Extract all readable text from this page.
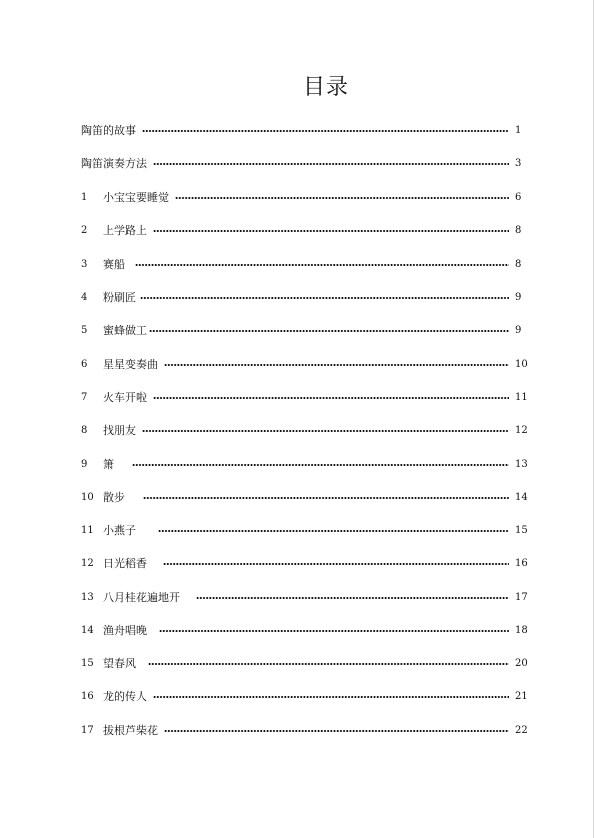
目录
陶笛的故事	1
陶笛演奏方法	3
1	小宝宝要睡觉	6
2	上学路上	8
3	赛船	8
4	粉刷匠	9
5	蜜蜂做工	9
6	星星变奏曲	10
7	火车开啦	11
8	找朋友	12
9	箫	13
10 散步	14
11 小燕子	15
12 日光稻香	16
13 八月桂花遍地开	17
14 渔舟唱晚	18
15 望春风	20
16 龙的传人	21
17 拔根芦柴花	22
